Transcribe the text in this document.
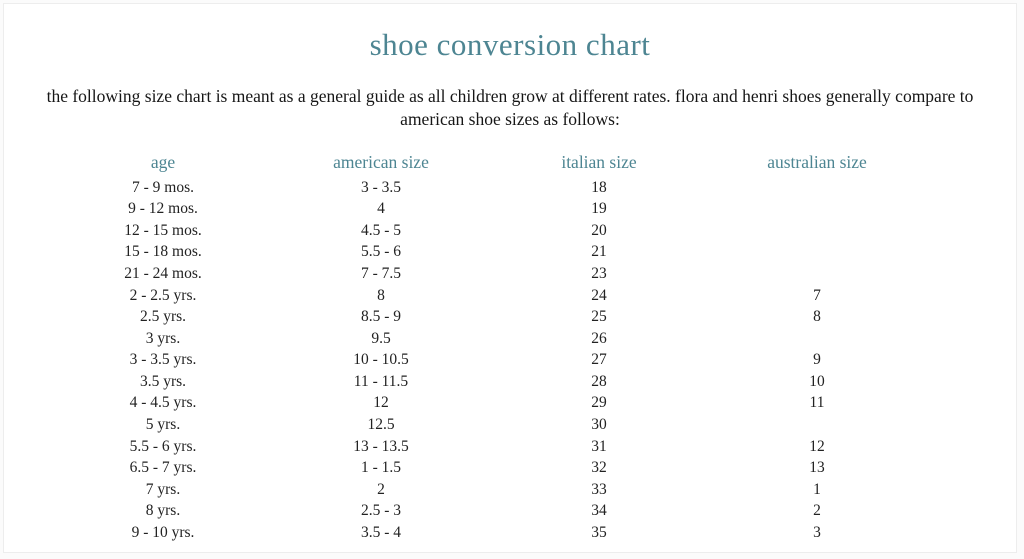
shoe conversion chart

the following size chart is meant as a general guide as all children grow at different rates. flora and henri shoes generally compare to american shoe sizes as follows:

age	american size	italian size	australian size
7 - 9 mos.	3 - 3.5	18	
9 - 12 mos.	4	19	
12 - 15 mos.	4.5 - 5	20	
15 - 18 mos.	5.5 - 6	21	
21 - 24 mos.	7 - 7.5	23	
2 - 2.5 yrs.	8	24	7
2.5 yrs.	8.5 - 9	25	8
3 yrs.	9.5	26	
3 - 3.5 yrs.	10 - 10.5	27	9
3.5 yrs.	11 - 11.5	28	10
4 - 4.5 yrs.	12	29	11
5 yrs.	12.5	30	
5.5 - 6 yrs.	13 - 13.5	31	12
6.5 - 7 yrs.	1 - 1.5	32	13
7 yrs.	2	33	1
8 yrs.	2.5 - 3	34	2
9 - 10 yrs.	3.5 - 4	35	3
